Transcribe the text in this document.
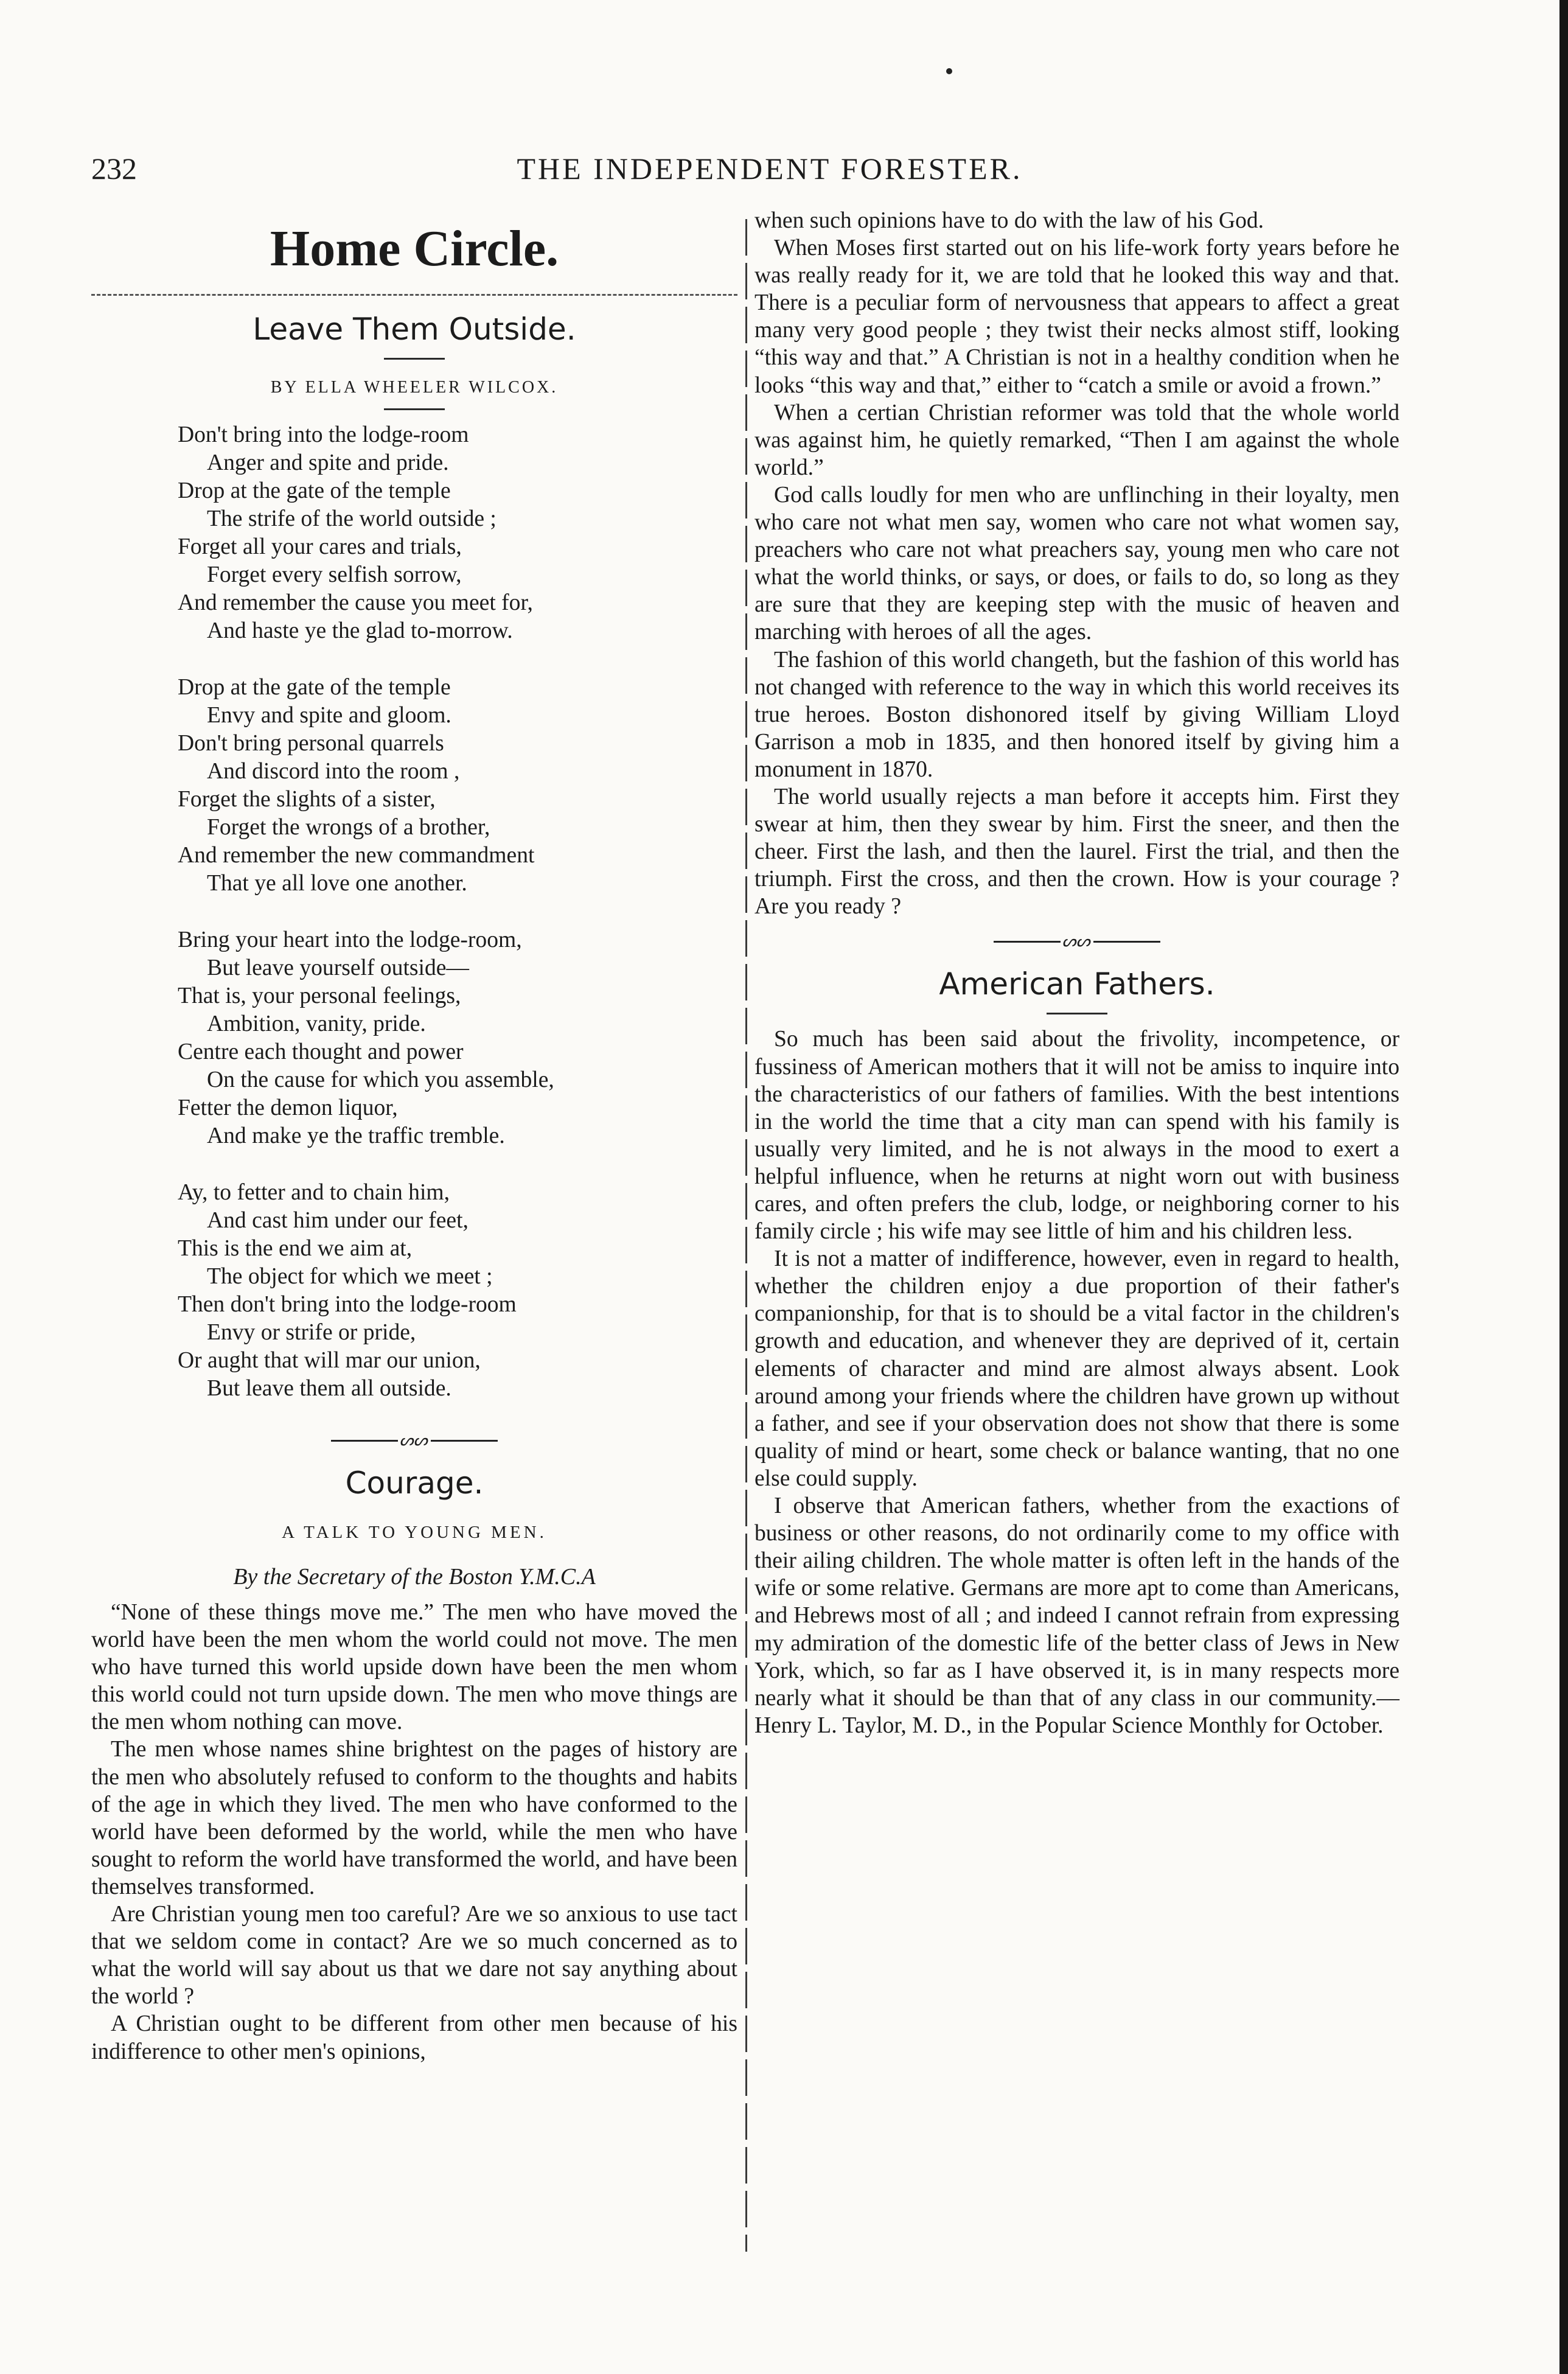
232	THE INDEPENDENT FORESTER.
Home Circle.
Leave Them Outside.
BY ELLA WHEELER WILCOX.
Don't bring into the lodge-room
Anger and spite and pride.
Drop at the gate of the temple
The strife of the world outside ;
Forget all your cares and trials,
Forget every selfish sorrow,
And remember the cause you meet for,
And haste ye the glad to-morrow.
Drop at the gate of the temple
Envy and spite and gloom.
Don't bring personal quarrels
And discord into the room ,
Forget the slights of a sister,
Forget the wrongs of a brother,
And remember the new commandment
That ye all love one another.
Bring your heart into the lodge-room,
But leave yourself outside—
That is, your personal feelings,
Ambition, vanity, pride.
Centre each thought and power
On the cause for which you assemble,
Fetter the demon liquor,
And make ye the traffic tremble.
Ay, to fetter and to chain him,
And cast him under our feet,
This is the end we aim at,
The object for which we meet ;
Then don't bring into the lodge-room
Envy or strife or pride,
Or aught that will mar our union,
But leave them all outside.
ᔕᔕ
Courage.
A TALK TO YOUNG MEN.
By the Secretary of the Boston Y.M.C.A

“None of these things move me.” The men who have moved the world have been the men whom the world could not move. The men who have turned this world upside down have been the men whom this world could not turn upside down. The men who move things are the men whom nothing can move.

The men whose names shine brightest on the pages of history are the men who absolutely refused to conform to the thoughts and habits of the age in which they lived. The men who have conformed to the world have been deformed by the world, while the men who have sought to reform the world have transformed the world, and have been themselves transformed.

Are Christian young men too careful? Are we so anxious to use tact that we seldom come in contact? Are we so much concerned as to what the world will say about us that we dare not say anything about the world ?

A Christian ought to be different from other men because of his indifference to other men's opinions,

when such opinions have to do with the law of his God.

When Moses first started out on his life-work forty years before he was really ready for it, we are told that he looked this way and that. There is a peculiar form of nervousness that appears to affect a great many very good people ; they twist their necks almost stiff, looking “this way and that.” A Christian is not in a healthy condition when he looks “this way and that,” either to “catch a smile or avoid a frown.”

When a certian Christian reformer was told that the whole world was against him, he quietly remarked, “Then I am against the whole world.”

God calls loudly for men who are unflinching in their loyalty, men who care not what men say, women who care not what women say, preachers who care not what preachers say, young men who care not what the world thinks, or says, or does, or fails to do, so long as they are sure that they are keeping step with the music of heaven and marching with heroes of all the ages.

The fashion of this world changeth, but the fashion of this world has not changed with reference to the way in which this world receives its true heroes. Boston dishonored itself by giving William Lloyd Garrison a mob in 1835, and then honored itself by giving him a monument in 1870.

The world usually rejects a man before it accepts him. First they swear at him, then they swear by him. First the sneer, and then the cheer. First the lash, and then the laurel. First the trial, and then the triumph. First the cross, and then the crown. How is your courage ? Are you ready ?

ᔕᔕ
American Fathers.

So much has been said about the frivolity, incompetence, or fussiness of American mothers that it will not be amiss to inquire into the characteristics of our fathers of families. With the best intentions in the world the time that a city man can spend with his family is usually very limited, and he is not always in the mood to exert a helpful influence, when he returns at night worn out with business cares, and often prefers the club, lodge, or neighboring corner to his family circle ; his wife may see little of him and his children less.

It is not a matter of indifference, however, even in regard to health, whether the children enjoy a due proportion of their father's companionship, for that is to should be a vital factor in the children's growth and education, and whenever they are deprived of it, certain elements of character and mind are almost always absent. Look around among your friends where the children have grown up without a father, and see if your observation does not show that there is some quality of mind or heart, some check or balance wanting, that no one else could supply.

I observe that American fathers, whether from the exactions of business or other reasons, do not ordinarily come to my office with their ailing children. The whole matter is often left in the hands of the wife or some relative. Germans are more apt to come than Americans, and Hebrews most of all ; and indeed I cannot refrain from expressing my admiration of the domestic life of the better class of Jews in New York, which, so far as I have observed it, is in many respects more nearly what it should be than that of any class in our community.—Henry L. Taylor, M. D., in the Popular Science Monthly for October.
